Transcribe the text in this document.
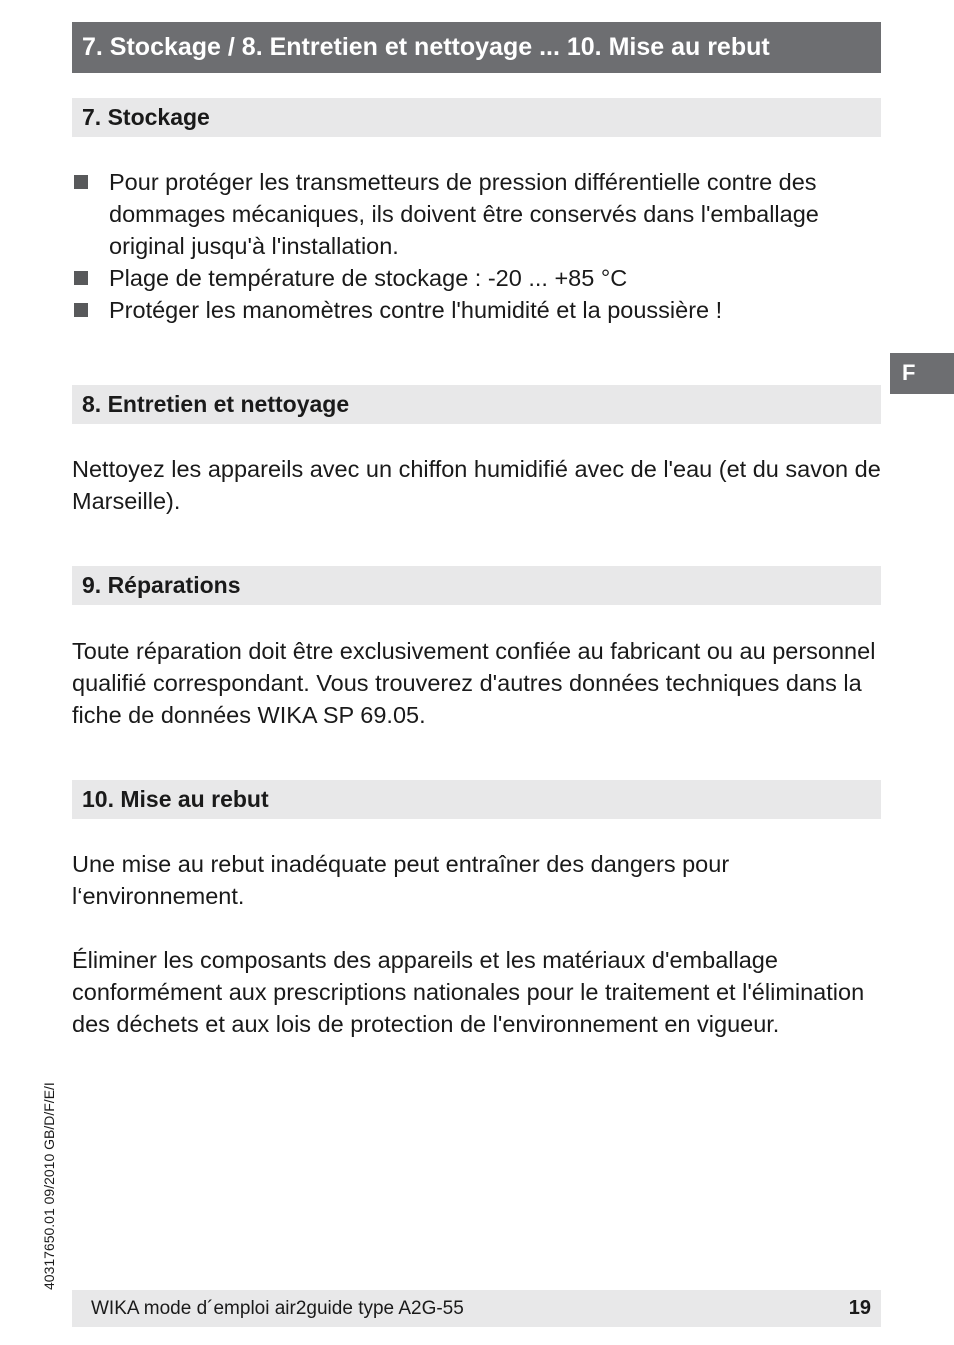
7. Stockage / 8. Entretien et nettoyage ... 10. Mise au rebut
7. Stockage
Pour protéger les transmetteurs de pression différentielle contre des dommages mécaniques, ils doivent être conservés dans l'emballage original jusqu'à l'installation.
Plage de température de stockage : -20 ... +85 °C
Protéger les manomètres contre l'humidité et la poussière !
F
8. Entretien et nettoyage

Nettoyez les appareils avec un chiffon humidifié avec de l'eau (et du savon de Marseille).

9. Réparations

Toute réparation doit être exclusivement confiée au fabricant ou au personnel qualifié correspondant. Vous trouverez d'autres données techniques dans la fiche de données WIKA SP 69.05.

10. Mise au rebut

Une mise au rebut inadéquate peut entraîner des dangers pour l‘environnement.

Éliminer les composants des appareils et les matériaux d'emballage conformément aux prescriptions nationales pour le traitement et l'élimination des déchets et aux lois de protection de l'environnement en vigueur.

40317650.01 09/2010 GB/D/F/E/I
WIKA mode d´emploi air2guide type A2G-55	19
